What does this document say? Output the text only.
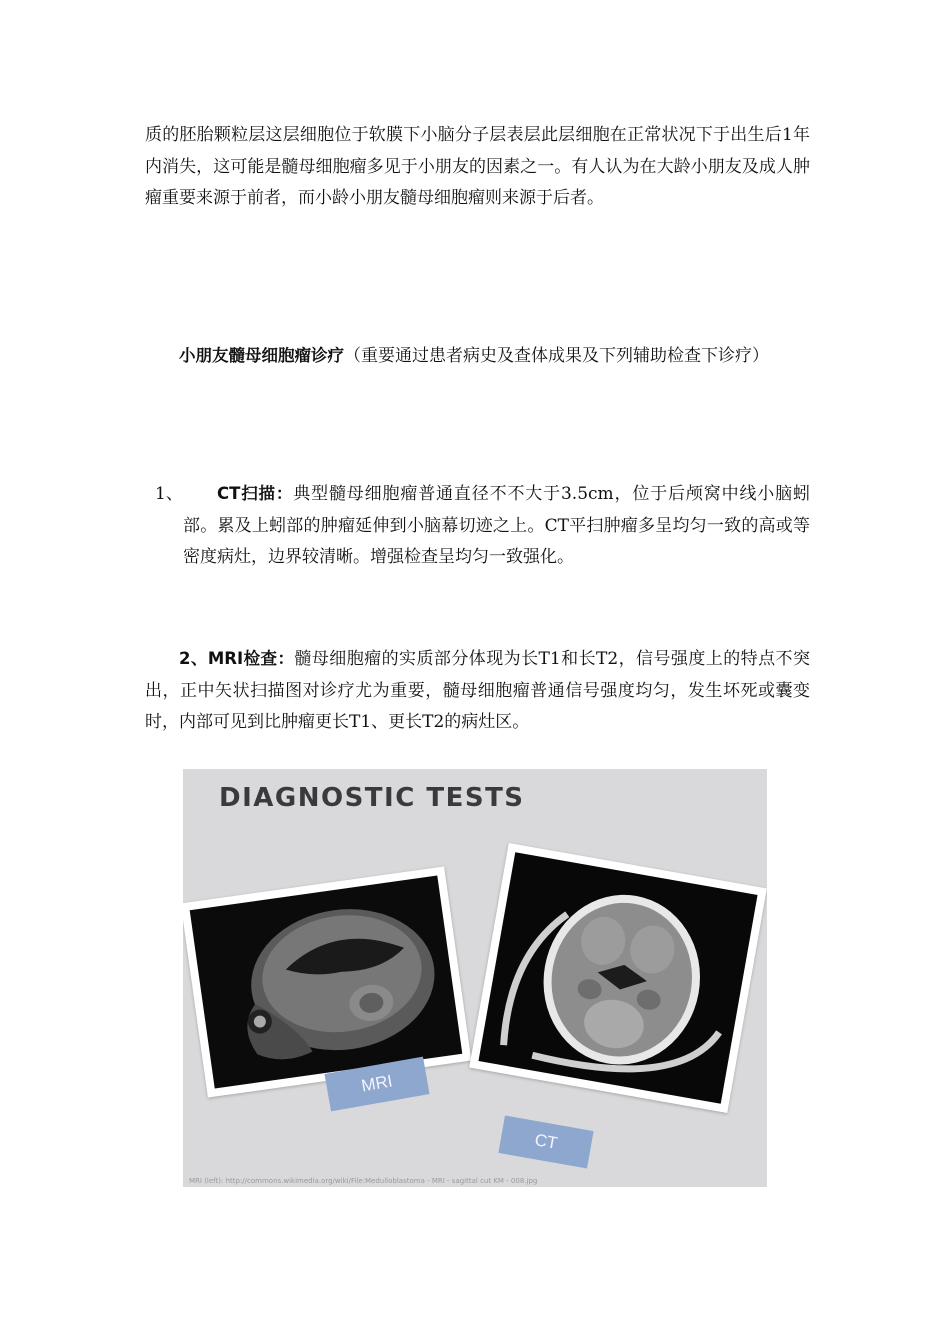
质的胚胎颗粒层这层细胞位于软膜下小脑分子层表层此层细胞在正常状况下于出生后1年内消失，这可能是髓母细胞瘤多见于小朋友的因素之一。有人认为在大龄小朋友及成人肿瘤重要来源于前者，而小龄小朋友髓母细胞瘤则来源于后者。

小朋友髓母细胞瘤诊疗（重要通过患者病史及查体成果及下列辅助检查下诊疗）

1、 CT扫描：典型髓母细胞瘤普通直径不不大于3.5cm，位于后颅窝中线小脑蚓部。累及上蚓部的肿瘤延伸到小脑幕切迹之上。CT平扫肿瘤多呈均匀一致的高或等密度病灶，边界较清晰。增强检查呈均匀一致强化。

2、MRI检查：髓母细胞瘤的实质部分体现为长T1和长T2，信号强度上的特点不突出，正中矢状扫描图对诊疗尤为重要，髓母细胞瘤普通信号强度均匀，发生坏死或囊变时，内部可见到比肿瘤更长T1、更长T2的病灶区。

DIAGNOSTIC TESTS
MRI
CT
MRI (left): http://commons.wikimedia.org/wiki/File:Medulloblastoma - MRI - sagittal cut KM - 008.jpg
